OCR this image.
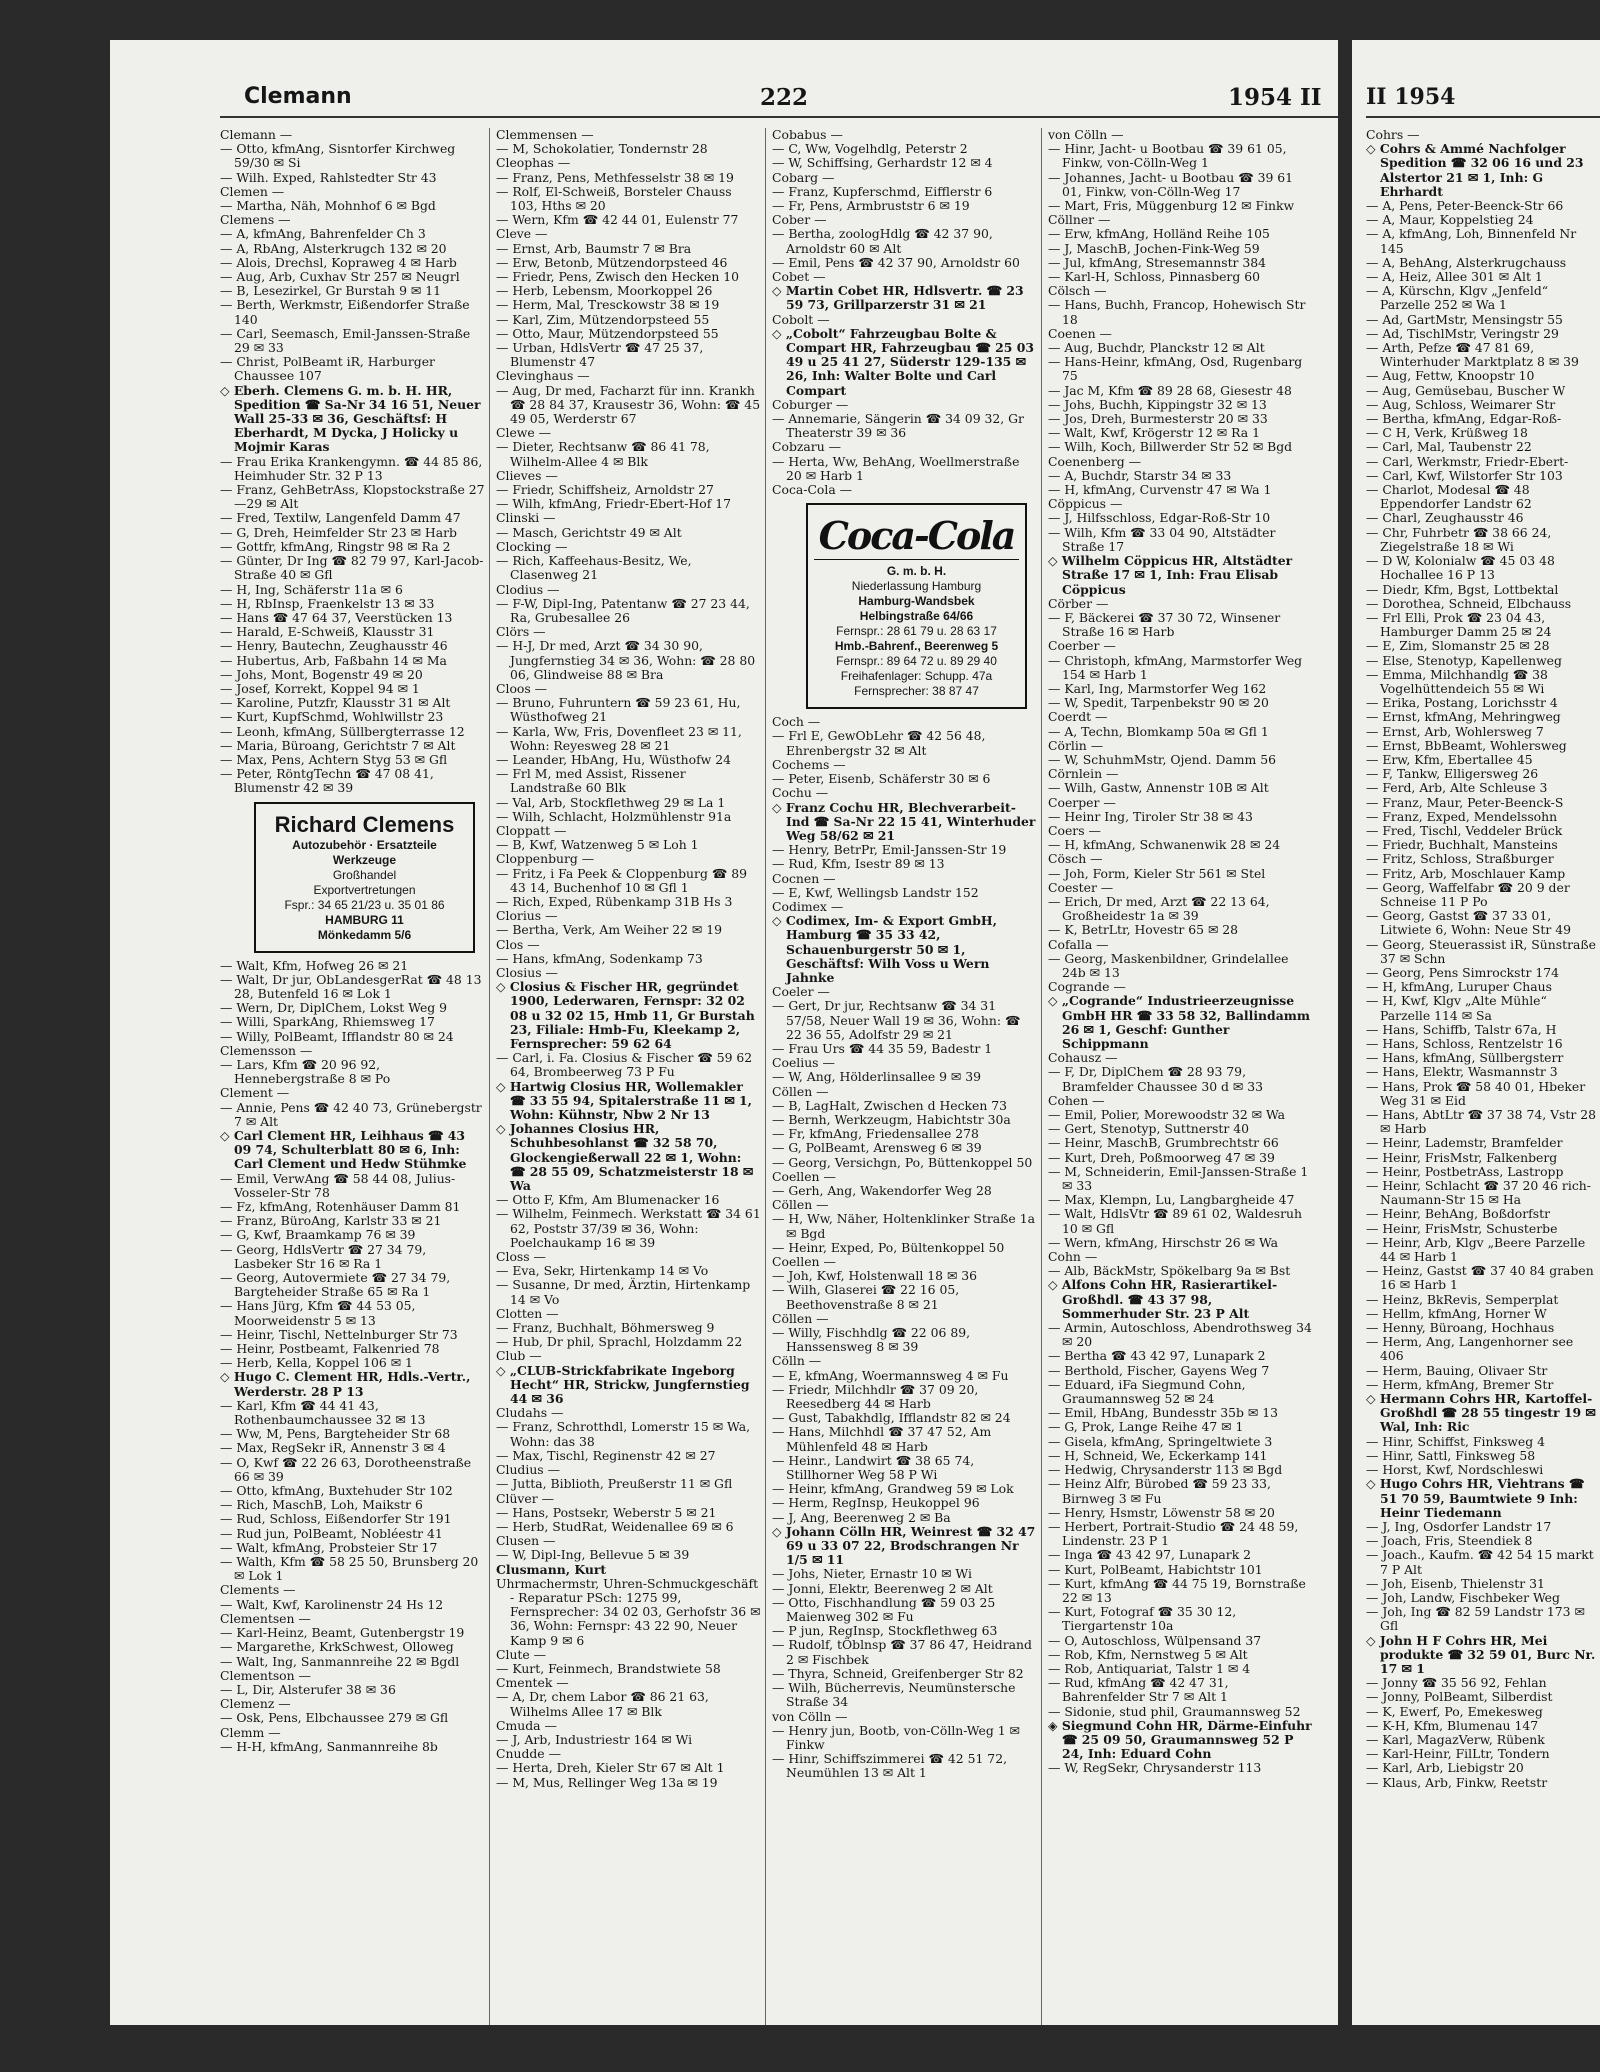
Clemann	222	1954 II

Clemann —

— Otto, kfmAng, Sisntorfer Kirchweg 59/30 ✉ Si

— Wilh. Exped, Rahlstedter Str 43

Clemen —

— Martha, Näh, Mohnhof 6 ✉ Bgd

Clemens —

— A, kfmAng, Bahrenfelder Ch 3

— A, RbAng, Alsterkrugch 132 ✉ 20

— Alois, Drechsl, Kopraweg 4 ✉ Harb

— Aug, Arb, Cuxhav Str 257 ✉ Neugrl

— B, Lesezirkel, Gr Burstah 9 ✉ 11

— Berth, Werkmstr, Eißendorfer Straße 140

— Carl, Seemasch, Emil-Janssen-Straße 29 ✉ 33

— Christ, PolBeamt iR, Harburger Chaussee 107

◇ Eberh. Clemens G. m. b. H. HR, Spedition ☎ Sa-Nr 34 16 51, Neuer Wall 25-33 ✉ 36, Geschäftsf: H Eberhardt, M Dycka, J Holicky u Mojmir Karas

— Frau Erika Krankengymn. ☎ 44 85 86, Heimhuder Str. 32 P 13

— Franz, GehBetrAss, Klopstockstraße 27—29 ✉ Alt

— Fred, Textilw, Langenfeld Damm 47

— G, Dreh, Heimfelder Str 23 ✉ Harb

— Gottfr, kfmAng, Ringstr 98 ✉ Ra 2

— Günter, Dr Ing ☎ 82 79 97, Karl-Jacob-Straße 40 ✉ Gfl

— H, Ing, Schäferstr 11a ✉ 6

— H, RbInsp, Fraenkelstr 13 ✉ 33

— Hans ☎ 47 64 37, Veerstücken 13

— Harald, E-Schweiß, Klausstr 31

— Henry, Bautechn, Zeughausstr 46

— Hubertus, Arb, Faßbahn 14 ✉ Ma

— Johs, Mont, Bogenstr 49 ✉ 20

— Josef, Korrekt, Koppel 94 ✉ 1

— Karoline, Putzfr, Klausstr 31 ✉ Alt

— Kurt, KupfSchmd, Wohlwillstr 23

— Leonh, kfmAng, Süllbergterrasse 12

— Maria, Büroang, Gerichtstr 7 ✉ Alt

— Max, Pens, Achtern Styg 53 ✉ Gfl

— Peter, RöntgTechn ☎ 47 08 41, Blumenstr 42 ✉ 39

Richard Clemens
Autozubehör · Ersatzteile
Werkzeuge
Großhandel
Exportvertretungen
Fspr.: 34 65 21/23 u. 35 01 86
HAMBURG 11
Mönkedamm 5/6

— Walt, Kfm, Hofweg 26 ✉ 21

— Walt, Dr jur, ObLandesgerRat ☎ 48 13 28, Butenfeld 16 ✉ Lok 1

— Wern, Dr, DiplChem, Lokst Weg 9

— Willi, SparkAng, Rhiemsweg 17

— Willy, PolBeamt, Ifflandstr 80 ✉ 24

Clemensson —

— Lars, Kfm ☎ 20 96 92, Hennebergstraße 8 ✉ Po

Clement —

— Annie, Pens ☎ 42 40 73, Grünebergstr 7 ✉ Alt

◇ Carl Clement HR, Leihhaus ☎ 43 09 74, Schulterblatt 80 ✉ 6, Inh: Carl Clement und Hedw Stühmke

— Emil, VerwAng ☎ 58 44 08, Julius-Vosseler-Str 78

— Fz, kfmAng, Rotenhäuser Damm 81

— Franz, BüroAng, Karlstr 33 ✉ 21

— G, Kwf, Braamkamp 76 ✉ 39

— Georg, HdlsVertr ☎ 27 34 79, Lasbeker Str 16 ✉ Ra 1

— Georg, Autovermiete ☎ 27 34 79, Bargteheider Straße 65 ✉ Ra 1

— Hans Jürg, Kfm ☎ 44 53 05, Moorweidenstr 5 ✉ 13

— Heinr, Tischl, Nettelnburger Str 73

— Heinr, Postbeamt, Falkenried 78

— Herb, Kella, Koppel 106 ✉ 1

◇ Hugo C. Clement HR, Hdls.-Vertr., Werderstr. 28 P 13

— Karl, Kfm ☎ 44 41 43, Rothenbaumchaussee 32 ✉ 13

— Ww, M, Pens, Bargteheider Str 68

— Max, RegSekr iR, Annenstr 3 ✉ 4

— O, Kwf ☎ 22 26 63, Dorotheenstraße 66 ✉ 39

— Otto, kfmAng, Buxtehuder Str 102

— Rich, MaschB, Loh, Maikstr 6

— Rud, Schloss, Eißendorfer Str 191

— Rud jun, PolBeamt, Nobléestr 41

— Walt, kfmAng, Probsteier Str 17

— Walth, Kfm ☎ 58 25 50, Brunsberg 20 ✉ Lok 1

Clements —

— Walt, Kwf, Karolinenstr 24 Hs 12

Clementsen —

— Karl-Heinz, Beamt, Gutenbergstr 19

— Margarethe, KrkSchwest, Olloweg

— Walt, Ing, Sanmannreihe 22 ✉ Bgdl

Clementson —

— L, Dir, Alsterufer 38 ✉ 36

Clemenz —

— Osk, Pens, Elbchaussee 279 ✉ Gfl

Clemm —

— H-H, kfmAng, Sanmannreihe 8b

Clemmensen —

— M, Schokolatier, Tondernstr 28

Cleophas —

— Franz, Pens, Methfesselstr 38 ✉ 19

— Rolf, El-Schweiß, Borsteler Chauss 103, Hths ✉ 20

— Wern, Kfm ☎ 42 44 01, Eulenstr 77

Cleve —

— Ernst, Arb, Baumstr 7 ✉ Bra

— Erw, Betonb, Mützendorpsteed 46

— Friedr, Pens, Zwisch den Hecken 10

— Herb, Lebensm, Moorkoppel 26

— Herm, Mal, Tresckowstr 38 ✉ 19

— Karl, Zim, Mützendorpsteed 55

— Otto, Maur, Mützendorpsteed 55

— Urban, HdlsVertr ☎ 47 25 37, Blumenstr 47

Clevinghaus —

— Aug, Dr med, Facharzt für inn. Krankh ☎ 28 84 37, Krausestr 36, Wohn: ☎ 45 49 05, Werderstr 67

Clewe —

— Dieter, Rechtsanw ☎ 86 41 78, Wilhelm-Allee 4 ✉ Blk

Clieves —

— Friedr, Schiffsheiz, Arnoldstr 27

— Wilh, kfmAng, Friedr-Ebert-Hof 17

Clinski —

— Masch, Gerichtstr 49 ✉ Alt

Clocking —

— Rich, Kaffeehaus-Besitz, We, Clasenweg 21

Clodius —

— F-W, Dipl-Ing, Patentanw ☎ 27 23 44, Ra, Grubesallee 26

Clörs —

— H-J, Dr med, Arzt ☎ 34 30 90, Jungfernstieg 34 ✉ 36, Wohn: ☎ 28 80 06, Glindweise 88 ✉ Bra

Cloos —

— Bruno, Fuhruntern ☎ 59 23 61, Hu, Wüsthofweg 21

— Karla, Ww, Fris, Dovenfleet 23 ✉ 11, Wohn: Reyesweg 28 ✉ 21

— Leander, HbAng, Hu, Wüsthofw 24

— Frl M, med Assist, Rissener Landstraße 60 Blk

— Val, Arb, Stockflethweg 29 ✉ La 1

— Wilh, Schlacht, Holzmühlenstr 91a

Cloppatt —

— B, Kwf, Watzenweg 5 ✉ Loh 1

Cloppenburg —

— Fritz, i Fa Peek & Cloppenburg ☎ 89 43 14, Buchenhof 10 ✉ Gfl 1

— Rich, Exped, Rübenkamp 31B Hs 3

Clorius —

— Bertha, Verk, Am Weiher 22 ✉ 19

Clos —

— Hans, kfmAng, Sodenkamp 73

Closius —

◇ Closius & Fischer HR, gegründet 1900, Lederwaren, Fernspr: 32 02 08 u 32 02 15, Hmb 11, Gr Burstah 23, Filiale: Hmb-Fu, Kleekamp 2, Fernsprecher: 59 62 64

— Carl, i. Fa. Closius & Fischer ☎ 59 62 64, Brombeerweg 73 P Fu

◇ Hartwig Closius HR, Wollemakler ☎ 33 55 94, Spitalerstraße 11 ✉ 1, Wohn: Kühnstr, Nbw 2 Nr 13

◇ Johannes Closius HR, Schuhbesohlanst ☎ 32 58 70, Glockengießerwall 22 ✉ 1, Wohn: ☎ 28 55 09, Schatzmeisterstr 18 ✉ Wa

— Otto F, Kfm, Am Blumenacker 16

— Wilhelm, Feinmech. Werkstatt ☎ 34 61 62, Poststr 37/39 ✉ 36, Wohn: Poelchaukamp 16 ✉ 39

Closs —

— Eva, Sekr, Hirtenkamp 14 ✉ Vo

— Susanne, Dr med, Ärztin, Hirtenkamp 14 ✉ Vo

Clotten —

— Franz, Buchhalt, Böhmersweg 9

— Hub, Dr phil, Sprachl, Holzdamm 22

Club —

◇ „CLUB-Strickfabrikate Ingeborg Hecht“ HR, Strickw, Jungfernstieg 44 ✉ 36

Cludahs —

— Franz, Schrotthdl, Lomerstr 15 ✉ Wa, Wohn: das 38

— Max, Tischl, Reginenstr 42 ✉ 27

Cludius —

— Jutta, Biblioth, Preußerstr 11 ✉ Gfl

Clüver —

— Hans, Postsekr, Weberstr 5 ✉ 21

— Herb, StudRat, Weidenallee 69 ✉ 6

Clusen —

— W, Dipl-Ing, Bellevue 5 ✉ 39

Clusmann, Kurt

Uhrmachermstr, Uhren-Schmuckgeschäft - Reparatur PSch: 1275 99, Fernsprecher: 34 02 03, Gerhofstr 36 ✉ 36, Wohn: Fernspr: 43 22 90, Neuer Kamp 9 ✉ 6

Clute —

— Kurt, Feinmech, Brandstwiete 58

Cmentek —

— A, Dr, chem Labor ☎ 86 21 63, Wilhelms Allee 17 ✉ Blk

Cmuda —

— J, Arb, Industriestr 164 ✉ Wi

Cnudde —

— Herta, Dreh, Kieler Str 67 ✉ Alt 1

— M, Mus, Rellinger Weg 13a ✉ 19

Cobabus —

— C, Ww, Vogelhdlg, Peterstr 2

— W, Schiffsing, Gerhardstr 12 ✉ 4

Cobarg —

— Franz, Kupferschmd, Eifflerstr 6

— Fr, Pens, Armbruststr 6 ✉ 19

Cober —

— Bertha, zoologHdlg ☎ 42 37 90, Arnoldstr 60 ✉ Alt

— Emil, Pens ☎ 42 37 90, Arnoldstr 60

Cobet —

◇ Martin Cobet HR, Hdlsvertr. ☎ 23 59 73, Grillparzerstr 31 ✉ 21

Cobolt —

◇ „Cobolt“ Fahrzeugbau Bolte & Compart HR, Fahrzeugbau ☎ 25 03 49 u 25 41 27, Süderstr 129-135 ✉ 26, Inh: Walter Bolte und Carl Compart

Coburger —

— Annemarie, Sängerin ☎ 34 09 32, Gr Theaterstr 39 ✉ 36

Cobzaru —

— Herta, Ww, BehAng, Woellmerstraße 20 ✉ Harb 1

Coca-Cola —

Coca-Cola
G. m. b. H.
Niederlassung Hamburg
Hamburg-Wandsbek
Helbingstraße 64/66
Fernspr.: 28 61 79 u. 28 63 17
Hmb.-Bahrenf., Beerenweg 5
Fernspr.: 89 64 72 u. 89 29 40
Freihafenlager: Schupp. 47a
Fernsprecher: 38 87 47

Coch —

— Frl E, GewObLehr ☎ 42 56 48, Ehrenbergstr 32 ✉ Alt

Cochems —

— Peter, Eisenb, Schäferstr 30 ✉ 6

Cochu —

◇ Franz Cochu HR, Blechverarbeit-Ind ☎ Sa-Nr 22 15 41, Winterhuder Weg 58/62 ✉ 21

— Henry, BetrPr, Emil-Janssen-Str 19

— Rud, Kfm, Isestr 89 ✉ 13

Cocnen —

— E, Kwf, Wellingsb Landstr 152

Codimex —

◇ Codimex, Im- & Export GmbH, Hamburg ☎ 35 33 42, Schauenburgerstr 50 ✉ 1, Geschäftsf: Wilh Voss u Wern Jahnke

Coeler —

— Gert, Dr jur, Rechtsanw ☎ 34 31 57/58, Neuer Wall 19 ✉ 36, Wohn: ☎ 22 36 55, Adolfstr 29 ✉ 21

— Frau Urs ☎ 44 35 59, Badestr 1

Coelius —

— W, Ang, Hölderlinsallee 9 ✉ 39

Cöllen —

— B, LagHalt, Zwischen d Hecken 73

— Bernh, Werkzeugm, Habichtstr 30a

— Fr, kfmAng, Friedensallee 278

— G, PolBeamt, Arensweg 6 ✉ 39

— Georg, Versichgn, Po, Büttenkoppel 50

Coellen —

— Gerh, Ang, Wakendorfer Weg 28

Cöllen —

— H, Ww, Näher, Holtenklinker Straße 1a ✉ Bgd

— Heinr, Exped, Po, Bültenkoppel 50

Coellen —

— Joh, Kwf, Holstenwall 18 ✉ 36

— Wilh, Glaserei ☎ 22 16 05, Beethovenstraße 8 ✉ 21

Cöllen —

— Willy, Fischhdlg ☎ 22 06 89, Hanssensweg 8 ✉ 39

Cölln —

— E, kfmAng, Woermannsweg 4 ✉ Fu

— Friedr, Milchhdlr ☎ 37 09 20, Reesedberg 44 ✉ Harb

— Gust, Tabakhdlg, Ifflandstr 82 ✉ 24

— Hans, Milchhdl ☎ 37 47 52, Am Mühlenfeld 48 ✉ Harb

— Heinr., Landwirt ☎ 38 65 74, Stillhorner Weg 58 P Wi

— Heinr, kfmAng, Grandweg 59 ✉ Lok

— Herm, RegInsp, Heukoppel 96

— J, Ang, Beerenweg 2 ✉ Ba

◇ Johann Cölln HR, Weinrest ☎ 32 47 69 u 33 07 22, Brodschrangen Nr 1/5 ✉ 11

— Johs, Nieter, Ernastr 10 ✉ Wi

— Jonni, Elektr, Beerenweg 2 ✉ Alt

— Otto, Fischhandlung ☎ 59 03 25 Maienweg 302 ✉ Fu

— P jun, RegInsp, Stockflethweg 63

— Rudolf, tÖblnsp ☎ 37 86 47, Heidrand 2 ✉ Fischbek

— Thyra, Schneid, Greifenberger Str 82

— Wilh, Bücherrevis, Neumünstersche Straße 34

von Cölln —

— Henry jun, Bootb, von-Cölln-Weg 1 ✉ Finkw

— Hinr, Schiffszimmerei ☎ 42 51 72, Neumühlen 13 ✉ Alt 1

von Cölln —

— Hinr, Jacht- u Bootbau ☎ 39 61 05, Finkw, von-Cölln-Weg 1

— Johannes, Jacht- u Bootbau ☎ 39 61 01, Finkw, von-Cölln-Weg 17

— Mart, Fris, Müggenburg 12 ✉ Finkw

Cöllner —

— Erw, kfmAng, Holländ Reihe 105

— J, MaschB, Jochen-Fink-Weg 59

— Jul, kfmAng, Stresemannstr 384

— Karl-H, Schloss, Pinnasberg 60

Cölsch —

— Hans, Buchh, Francop, Hohewisch Str 18

Coenen —

— Aug, Buchdr, Planckstr 12 ✉ Alt

— Hans-Heinr, kfmAng, Osd, Rugenbarg 75

— Jac M, Kfm ☎ 89 28 68, Giesestr 48

— Johs, Buchh, Kippingstr 32 ✉ 13

— Jos, Dreh, Burmesterstr 20 ✉ 33

— Walt, Kwf, Krögerstr 12 ✉ Ra 1

— Wilh, Koch, Billwerder Str 52 ✉ Bgd

Coenenberg —

— A, Buchdr, Starstr 34 ✉ 33

— H, kfmAng, Curvenstr 47 ✉ Wa 1

Cöppicus —

— J, Hilfsschloss, Edgar-Roß-Str 10

— Wilh, Kfm ☎ 33 04 90, Altstädter Straße 17

◇ Wilhelm Cöppicus HR, Altstädter Straße 17 ✉ 1, Inh: Frau Elisab Cöppicus

Cörber —

— F, Bäckerei ☎ 37 30 72, Winsener Straße 16 ✉ Harb

Coerber —

— Christoph, kfmAng, Marmstorfer Weg 154 ✉ Harb 1

— Karl, Ing, Marmstorfer Weg 162

— W, Spedit, Tarpenbekstr 90 ✉ 20

Coerdt —

— A, Techn, Blomkamp 50a ✉ Gfl 1

Cörlin —

— W, SchuhmMstr, Ojend. Damm 56

Cörnlein —

— Wilh, Gastw, Annenstr 10B ✉ Alt

Coerper —

— Heinr Ing, Tiroler Str 38 ✉ 43

Coers —

— H, kfmAng, Schwanenwik 28 ✉ 24

Cösch —

— Joh, Form, Kieler Str 561 ✉ Stel

Coester —

— Erich, Dr med, Arzt ☎ 22 13 64, Großheidestr 1a ✉ 39

— K, BetrLtr, Hovestr 65 ✉ 28

Cofalla —

— Georg, Maskenbildner, Grindelallee 24b ✉ 13

Cogrande —

◇ „Cogrande“ Industrieerzeugnisse GmbH HR ☎ 33 58 32, Ballindamm 26 ✉ 1, Geschf: Gunther Schippmann

Cohausz —

— F, Dr, DiplChem ☎ 28 93 79, Bramfelder Chaussee 30 d ✉ 33

Cohen —

— Emil, Polier, Morewoodstr 32 ✉ Wa

— Gert, Stenotyp, Suttnerstr 40

— Heinr, MaschB, Grumbrechtstr 66

— Kurt, Dreh, Poßmoorweg 47 ✉ 39

— M, Schneiderin, Emil-Janssen-Straße 1 ✉ 33

— Max, Klempn, Lu, Langbargheide 47

— Walt, HdlsVtr ☎ 89 61 02, Waldesruh 10 ✉ Gfl

— Wern, kfmAng, Hirschstr 26 ✉ Wa

Cohn —

— Alb, BäckMstr, Spökelbarg 9a ✉ Bst

◇ Alfons Cohn HR, Rasierartikel-Großhdl. ☎ 43 37 98, Sommerhuder Str. 23 P Alt

— Armin, Autoschloss, Abendrothsweg 34 ✉ 20

— Bertha ☎ 43 42 97, Lunapark 2

— Berthold, Fischer, Gayens Weg 7

— Eduard, iFa Siegmund Cohn, Graumannsweg 52 ✉ 24

— Emil, HbAng, Bundesstr 35b ✉ 13

— G, Prok, Lange Reihe 47 ✉ 1

— Gisela, kfmAng, Springeltwiete 3

— H, Schneid, We, Eckerkamp 141

— Hedwig, Chrysanderstr 113 ✉ Bgd

— Heinz Alfr, Bürobed ☎ 59 23 33, Birnweg 3 ✉ Fu

— Henry, Hsmstr, Löwenstr 58 ✉ 20

— Herbert, Portrait-Studio ☎ 24 48 59, Lindenstr. 23 P 1

— Inga ☎ 43 42 97, Lunapark 2

— Kurt, PolBeamt, Habichtstr 101

— Kurt, kfmAng ☎ 44 75 19, Bornstraße 22 ✉ 13

— Kurt, Fotograf ☎ 35 30 12, Tiergartenstr 10a

— O, Autoschloss, Wülpensand 37

— Rob, Kfm, Nernstweg 5 ✉ Alt

— Rob, Antiquariat, Talstr 1 ✉ 4

— Rud, kfmAng ☎ 42 47 31, Bahrenfelder Str 7 ✉ Alt 1

— Sidonie, stud phil, Graumannsweg 52

◈ Siegmund Cohn HR, Därme-Einfuhr ☎ 25 09 50, Graumannsweg 52 P 24, Inh: Eduard Cohn

— W, RegSekr, Chrysanderstr 113

II 1954

Cohrs —

◇ Cohrs & Ammé Nachfolger Spedition ☎ 32 06 16 und 23 Alstertor 21 ✉ 1, Inh: G Ehrhardt

— A, Pens, Peter-Beenck-Str 66

— A, Maur, Koppelstieg 24

— A, kfmAng, Loh, Binnenfeld Nr 145

— A, BehAng, Alsterkrugchauss

— A, Heiz, Allee 301 ✉ Alt 1

— A, Kürschn, Klgv „Jenfeld“ Parzelle 252 ✉ Wa 1

— Ad, GartMstr, Mensingstr 55

— Ad, TischlMstr, Veringstr 29

— Arth, Pefze ☎ 47 81 69, Winterhuder Marktplatz 8 ✉ 39

— Aug, Fettw, Knoopstr 10

— Aug, Gemüsebau, Buscher W

— Aug, Schloss, Weimarer Str

— Bertha, kfmAng, Edgar-Roß-

— C H, Verk, Krüßweg 18

— Carl, Mal, Taubenstr 22

— Carl, Werkmstr, Friedr-Ebert-

— Carl, Kwf, Wilstorfer Str 103

— Charlot, Modesal ☎ 48 Eppendorfer Landstr 62

— Charl, Zeughausstr 46

— Chr, Fuhrbetr ☎ 38 66 24, Ziegelstraße 18 ✉ Wi

— D W, Kolonialw ☎ 45 03 48 Hochallee 16 P 13

— Diedr, Kfm, Bgst, Lottbektal

— Dorothea, Schneid, Elbchauss

— Frl Elli, Prok ☎ 23 04 43, Hamburger Damm 25 ✉ 24

— E, Zim, Slomanstr 25 ✉ 28

— Else, Stenotyp, Kapellenweg

— Emma, Milchhandlg ☎ 38 Vogelhüttendeich 55 ✉ Wi

— Erika, Postang, Lorichsstr 4

— Ernst, kfmAng, Mehringweg

— Ernst, Arb, Wohlersweg 7

— Ernst, BbBeamt, Wohlersweg

— Erw, Kfm, Ebertallee 45

— F, Tankw, Elligersweg 26

— Ferd, Arb, Alte Schleuse 3

— Franz, Maur, Peter-Beenck-S

— Franz, Exped, Mendelssohn

— Fred, Tischl, Veddeler Brück

— Friedr, Buchhalt, Mansteins

— Fritz, Schloss, Straßburger

— Fritz, Arb, Moschlauer Kamp

— Georg, Waffelfabr ☎ 20 9 der Schneise 11 P Po

— Georg, Gastst ☎ 37 33 01, Litwiete 6, Wohn: Neue Str 49

— Georg, Steuerassist iR, Sünstraße 37 ✉ Schn

— Georg, Pens Simrockstr 174

— H, kfmAng, Luruper Chaus

— H, Kwf, Klgv „Alte Mühle“ Parzelle 114 ✉ Sa

— Hans, Schiffb, Talstr 67a, H

— Hans, Schloss, Rentzelstr 16

— Hans, kfmAng, Süllbergsterr

— Hans, Elektr, Wasmannstr 3

— Hans, Prok ☎ 58 40 01, Hbeker Weg 31 ✉ Eid

— Hans, AbtLtr ☎ 37 38 74, Vstr 28 ✉ Harb

— Heinr, Lademstr, Bramfelder

— Heinr, FrisMstr, Falkenberg

— Heinr, PostbetrAss, Lastropp

— Heinr, Schlacht ☎ 37 20 46 rich-Naumann-Str 15 ✉ Ha

— Heinr, BehAng, Boßdorfstr

— Heinr, FrisMstr, Schusterbe

— Heinr, Arb, Klgv „Beere Parzelle 44 ✉ Harb 1

— Heinz, Gastst ☎ 37 40 84 graben 16 ✉ Harb 1

— Heinz, BkRevis, Semperplat

— Hellm, kfmAng, Horner W

— Henny, Büroang, Hochhaus

— Herm, Ang, Langenhorner see 406

— Herm, Bauing, Olivaer Str

— Herm, kfmAng, Bremer Str

◇ Hermann Cohrs HR, Kartoffel-Großhdl ☎ 28 55 tingestr 19 ✉ Wal, Inh: Ric

— Hinr, Schiffst, Finksweg 4

— Hinr, Sattl, Finksweg 58

— Horst, Kwf, Nordschleswi

◇ Hugo Cohrs HR, Viehtrans ☎ 51 70 59, Baumtwiete 9 Inh: Heinr Tiedemann

— J, Ing, Osdorfer Landstr 17

— Joach, Fris, Steendiek 8

— Joach., Kaufm. ☎ 42 54 15 markt 7 P Alt

— Joh, Eisenb, Thielenstr 31

— Joh, Landw, Fischbeker Weg

— Joh, Ing ☎ 82 59 Landstr 173 ✉ Gfl

◇ John H F Cohrs HR, Mei produkte ☎ 32 59 01, Burc Nr. 17 ✉ 1

— Jonny ☎ 35 56 92, Fehlan

— Jonny, PolBeamt, Silberdist

— K, Ewerf, Po, Emekesweg

— K-H, Kfm, Blumenau 147

— Karl, MagazVerw, Rübenk

— Karl-Heinr, FilLtr, Tondern

— Karl, Arb, Liebigstr 20

— Klaus, Arb, Finkw, Reetstr
